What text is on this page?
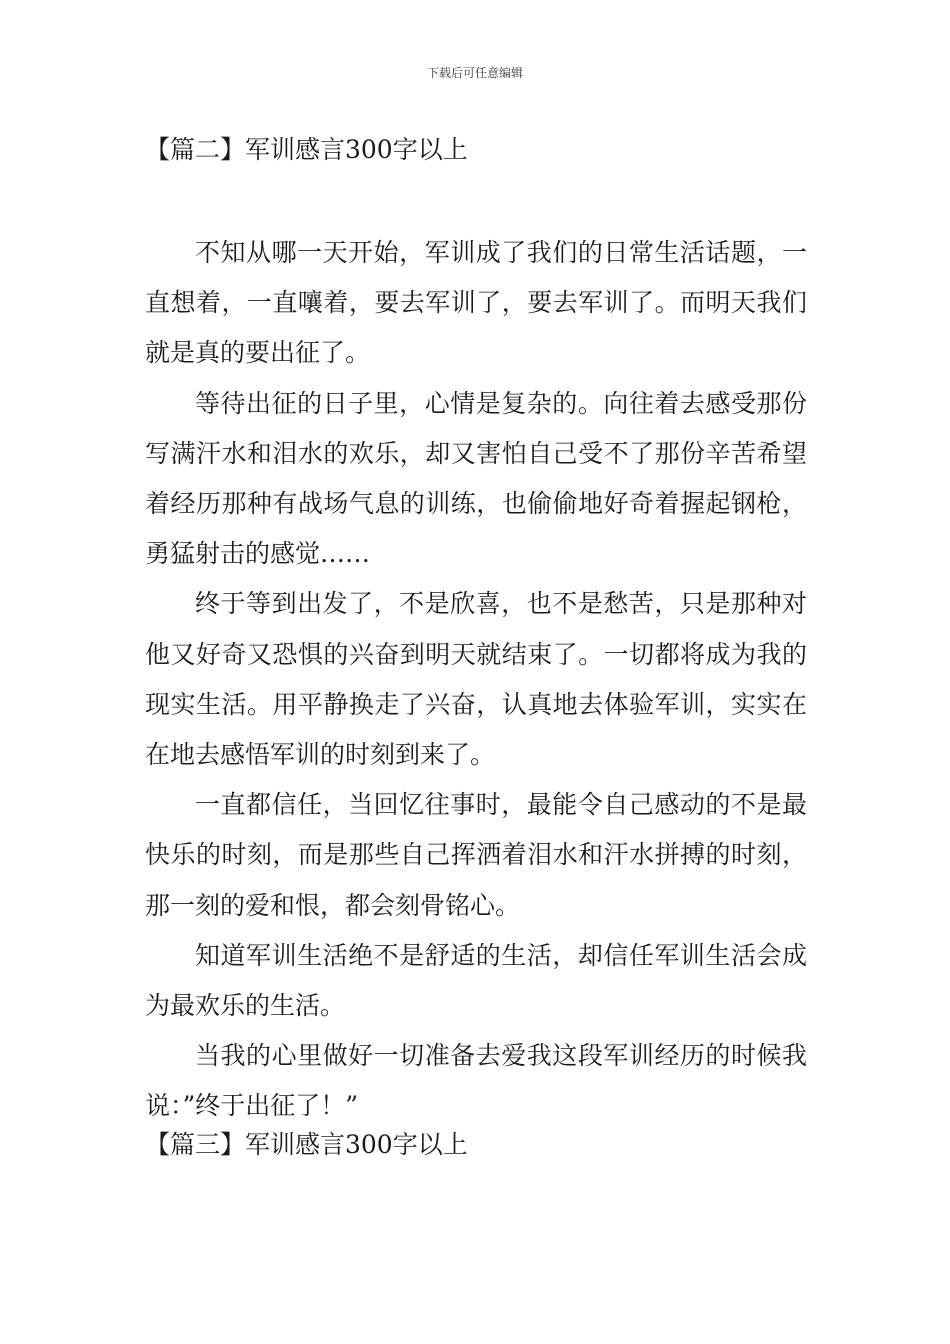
下载后可任意编辑
【篇二】军训感言300字以上

不知从哪一天开始，军训成了我们的日常生活话题，一直想着，一直嚷着，要去军训了，要去军训了。而明天我们就是真的要出征了。

等待出征的日子里，心情是复杂的。向往着去感受那份写满汗水和泪水的欢乐，却又害怕自己受不了那份辛苦希望着经历那种有战场气息的训练，也偷偷地好奇着握起钢枪，勇猛射击的感觉……

终于等到出发了，不是欣喜，也不是愁苦，只是那种对他又好奇又恐惧的兴奋到明天就结束了。一切都将成为我的现实生活。用平静换走了兴奋，认真地去体验军训，实实在在地去感悟军训的时刻到来了。

一直都信任，当回忆往事时，最能令自己感动的不是最快乐的时刻，而是那些自己挥洒着泪水和汗水拼搏的时刻，那一刻的爱和恨，都会刻骨铭心。

知道军训生活绝不是舒适的生活，却信任军训生活会成为最欢乐的生活。

当我的心里做好一切准备去爱我这段军训经历的时候我说：”终于出征了！”

【篇三】军训感言300字以上
